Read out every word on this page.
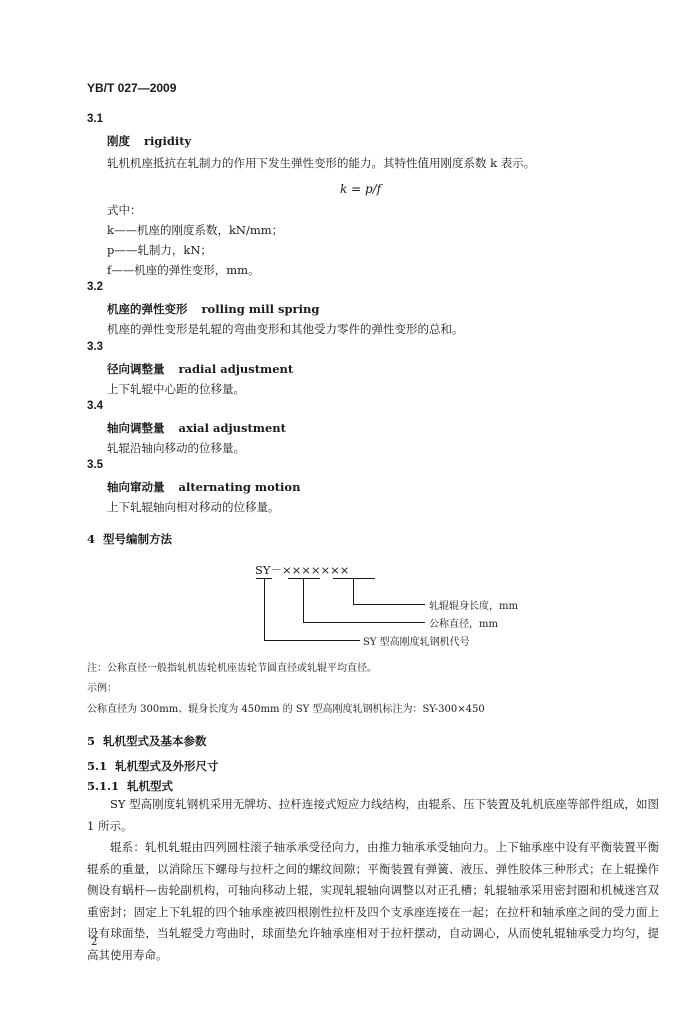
YB/T 027—2009
3.1
刚度 rigidity
轧机机座抵抗在轧制力的作用下发生弹性变形的能力。其特性值用刚度系数 k 表示。
k = p/f
式中：
k——机座的刚度系数，kN/mm；
p——轧制力，kN；
f——机座的弹性变形，mm。
3.2
机座的弹性变形 rolling mill spring
机座的弹性变形是轧辊的弯曲变形和其他受力零件的弹性变形的总和。
3.3
径向调整量 radial adjustment
上下轧辊中心距的位移量。
3.4
轴向调整量 axial adjustment
轧辊沿轴向移动的位移量。
3.5
轴向窜动量 alternating motion
上下轧辊轴向相对移动的位移量。
4 型号编制方法
SY－×××××××
轧辊辊身长度，mm
公称直径，mm
SY 型高刚度轧钢机代号
注：公称直径一般指轧机齿轮机座齿轮节圆直径或轧辊平均直径。
示例：
公称直径为 300mm、辊身长度为 450mm 的 SY 型高刚度轧钢机标注为：SY-300×450
5 轧机型式及基本参数
5.1 轧机型式及外形尺寸
5.1.1 轧机型式
SY 型高刚度轧钢机采用无牌坊、拉杆连接式短应力线结构，由辊系、压下装置及轧机底座等部件组成，如图 1 所示。
辊系：轧机轧辊由四列圆柱滚子轴承承受径向力，由推力轴承承受轴向力。上下轴承座中设有平衡装置平衡辊系的重量，以消除压下螺母与拉杆之间的螺纹间隙；平衡装置有弹簧、液压、弹性胶体三种形式；在上辊操作侧设有蜗杆—齿轮副机构，可轴向移动上辊，实现轧辊轴向调整以对正孔槽；轧辊轴承采用密封圈和机械迷宫双重密封；固定上下轧辊的四个轴承座被四根刚性拉杆及四个支承座连接在一起；在拉杆和轴承座之间的受力面上设有球面垫，当轧辊受力弯曲时，球面垫允许轴承座相对于拉杆摆动，自动调心，从而使轧辊轴承受力均匀，提高其使用寿命。
2
